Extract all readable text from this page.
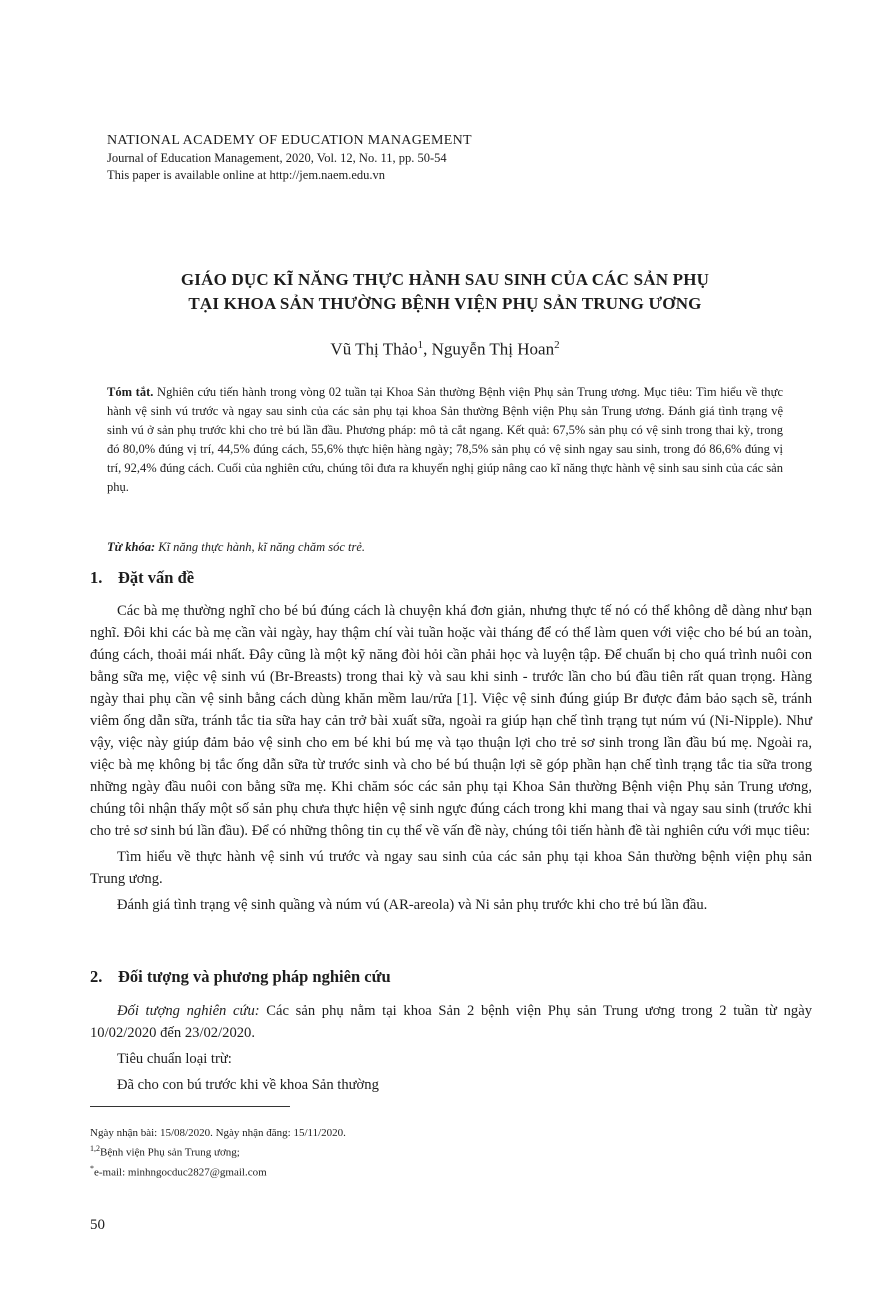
NATIONAL ACADEMY OF EDUCATION MANAGEMENT
Journal of Education Management, 2020, Vol. 12, No. 11, pp. 50-54
This paper is available online at http://jem.naem.edu.vn
GIÁO DỤC KĨ NĂNG THỰC HÀNH SAU SINH CỦA CÁC SẢN PHỤ
TẠI KHOA SẢN THƯỜNG BỆNH VIỆN PHỤ SẢN TRUNG ƯƠNG
Vũ Thị Thảo$^1$, Nguyễn Thị Hoan$^2$
Tóm tắt. Nghiên cứu tiến hành trong vòng 02 tuần tại Khoa Sản thường Bệnh viện Phụ sản Trung ương. Mục tiêu: Tìm hiểu về thực hành vệ sinh vú trước và ngay sau sinh của các sản phụ tại khoa Sản thường Bệnh viện Phụ sản Trung ương. Đánh giá tình trạng vệ sinh vú ở sản phụ trước khi cho trẻ bú lần đầu. Phương pháp: mô tả cắt ngang. Kết quả: 67,5% sản phụ có vệ sinh trong thai kỳ, trong đó 80,0% đúng vị trí, 44,5% đúng cách, 55,6% thực hiện hàng ngày; 78,5% sản phụ có vệ sinh ngay sau sinh, trong đó 86,6% đúng vị trí, 92,4% đúng cách. Cuối của nghiên cứu, chúng tôi đưa ra khuyến nghị giúp nâng cao kĩ năng thực hành vệ sinh sau sinh của các sản phụ.
Từ khóa: Kĩ năng thực hành, kĩ năng chăm sóc trẻ.
1. Đặt vấn đề

Các bà mẹ thường nghĩ cho bé bú đúng cách là chuyện khá đơn giản, nhưng thực tế nó có thể không dễ dàng như bạn nghĩ. Đôi khi các bà mẹ cần vài ngày, hay thậm chí vài tuần hoặc vài tháng để có thể làm quen với việc cho bé bú an toàn, đúng cách, thoải mái nhất. Đây cũng là một kỹ năng đòi hỏi cần phải học và luyện tập. Để chuẩn bị cho quá trình nuôi con bằng sữa mẹ, việc vệ sinh vú (Br-Breasts) trong thai kỳ và sau khi sinh - trước lần cho bú đầu tiên rất quan trọng. Hàng ngày thai phụ cần vệ sinh bằng cách dùng khăn mềm lau/rửa [1]. Việc vệ sinh đúng giúp Br được đảm bảo sạch sẽ, tránh viêm ống dẫn sữa, tránh tắc tia sữa hay cản trở bài xuất sữa, ngoài ra giúp hạn chế tình trạng tụt núm vú (Ni-Nipple). Như vậy, việc này giúp đảm bảo vệ sinh cho em bé khi bú mẹ và tạo thuận lợi cho trẻ sơ sinh trong lần đầu bú mẹ. Ngoài ra, việc bà mẹ không bị tắc ống dẫn sữa từ trước sinh và cho bé bú thuận lợi sẽ góp phần hạn chế tình trạng tắc tia sữa trong những ngày đầu nuôi con bằng sữa mẹ. Khi chăm sóc các sản phụ tại Khoa Sản thường Bệnh viện Phụ sản Trung ương, chúng tôi nhận thấy một số sản phụ chưa thực hiện vệ sinh ngực đúng cách trong khi mang thai và ngay sau sinh (trước khi cho trẻ sơ sinh bú lần đầu). Để có những thông tin cụ thể về vấn đề này, chúng tôi tiến hành đề tài nghiên cứu với mục tiêu:

Tìm hiểu về thực hành vệ sinh vú trước và ngay sau sinh của các sản phụ tại khoa Sản thường bệnh viện phụ sản Trung ương.

Đánh giá tình trạng vệ sinh quầng và núm vú (AR-areola) và Ni sản phụ trước khi cho trẻ bú lần đầu.

2. Đối tượng và phương pháp nghiên cứu

Đối tượng nghiên cứu: Các sản phụ nằm tại khoa Sản 2 bệnh viện Phụ sản Trung ương trong 2 tuần từ ngày 10/02/2020 đến 23/02/2020.

Tiêu chuẩn loại trừ:

Đã cho con bú trước khi về khoa Sản thường

Ngày nhận bài: 15/08/2020. Ngày nhận đăng: 15/11/2020.
$^{1,2}$Bệnh viện Phụ sản Trung ương;
*e-mail: minhngocduc2827@gmail.com
50
